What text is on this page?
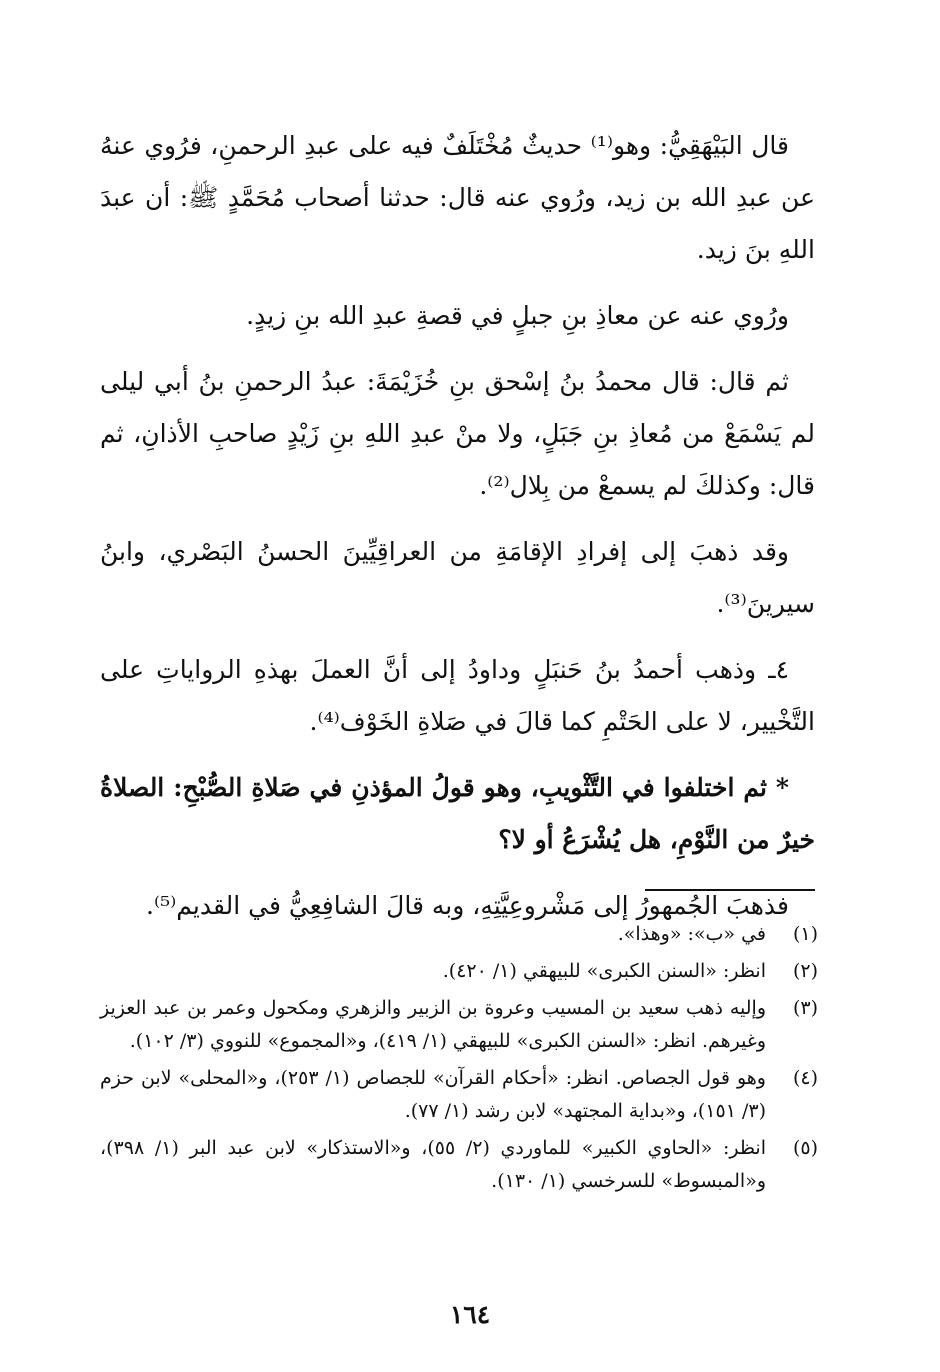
قال البَيْهَقِيُّ: وهو⁽¹⁾ حديثٌ مُخْتَلَفٌ فيه على عبدِ الرحمنِ، فرُوي عنهُ عن عبدِ الله بن زيد، ورُوي عنه قال: حدثنا أصحاب مُحَمَّدٍ ﷺ: أن عبدَ اللهِ بنَ زيد.

ورُوي عنه عن معاذِ بنِ جبلٍ في قصةِ عبدِ الله بنِ زيدٍ.

ثم قال: قال محمدُ بنُ إسْحق بنِ خُزَيْمَةَ: عبدُ الرحمنِ بنُ أبي ليلى لم يَسْمَعْ من مُعاذِ بنِ جَبَلٍ، ولا منْ عبدِ اللهِ بنِ زَيْدٍ صاحبِ الأذانِ، ثم قال: وكذلكَ لم يسمعْ من بِلال⁽²⁾.

وقد ذهبَ إلى إفرادِ الإقامَةِ من العراقِيِّينَ الحسنُ البَصْري، وابنُ سيرينَ⁽³⁾.

٤ـ وذهب أحمدُ بنُ حَنبَلٍ وداودُ إلى أنَّ العملَ بهذهِ الرواياتِ على التَّخْيير، لا على الحَتْمِ كما قالَ في صَلاةِ الخَوْف⁽⁴⁾.

* ثم اختلفوا في التَّثْويبِ، وهو قولُ المؤذنِ في صَلاةِ الصُّبْحِ: الصلاةُ خيرٌ من النَّوْمِ، هل يُشْرَعُ أو لا؟

فذهبَ الجُمهورُ إلى مَشْروعِيَّتِهِ، وبه قالَ الشافِعِيُّ في القديم⁽⁵⁾.

(١)
في «ب»: «وهذا».
(٢)
انظر: «السنن الكبرى» للبيهقي (١/ ٤٢٠).
(٣)
وإليه ذهب سعيد بن المسيب وعروة بن الزبير والزهري ومكحول وعمر بن عبد العزيز وغيرهم. انظر: «السنن الكبرى» للبيهقي (١/ ٤١٩)، و«المجموع» للنووي (٣/ ١٠٢).
(٤)
وهو قول الجصاص. انظر: «أحكام القرآن» للجصاص (١/ ٢٥٣)، و«المحلى» لابن حزم (٣/ ١٥١)، و«بداية المجتهد» لابن رشد (١/ ٧٧).
(٥)
انظر: «الحاوي الكبير» للماوردي (٢/ ٥٥)، و«الاستذكار» لابن عبد البر (١/ ٣٩٨)، و«المبسوط» للسرخسي (١/ ١٣٠).
١٦٤
